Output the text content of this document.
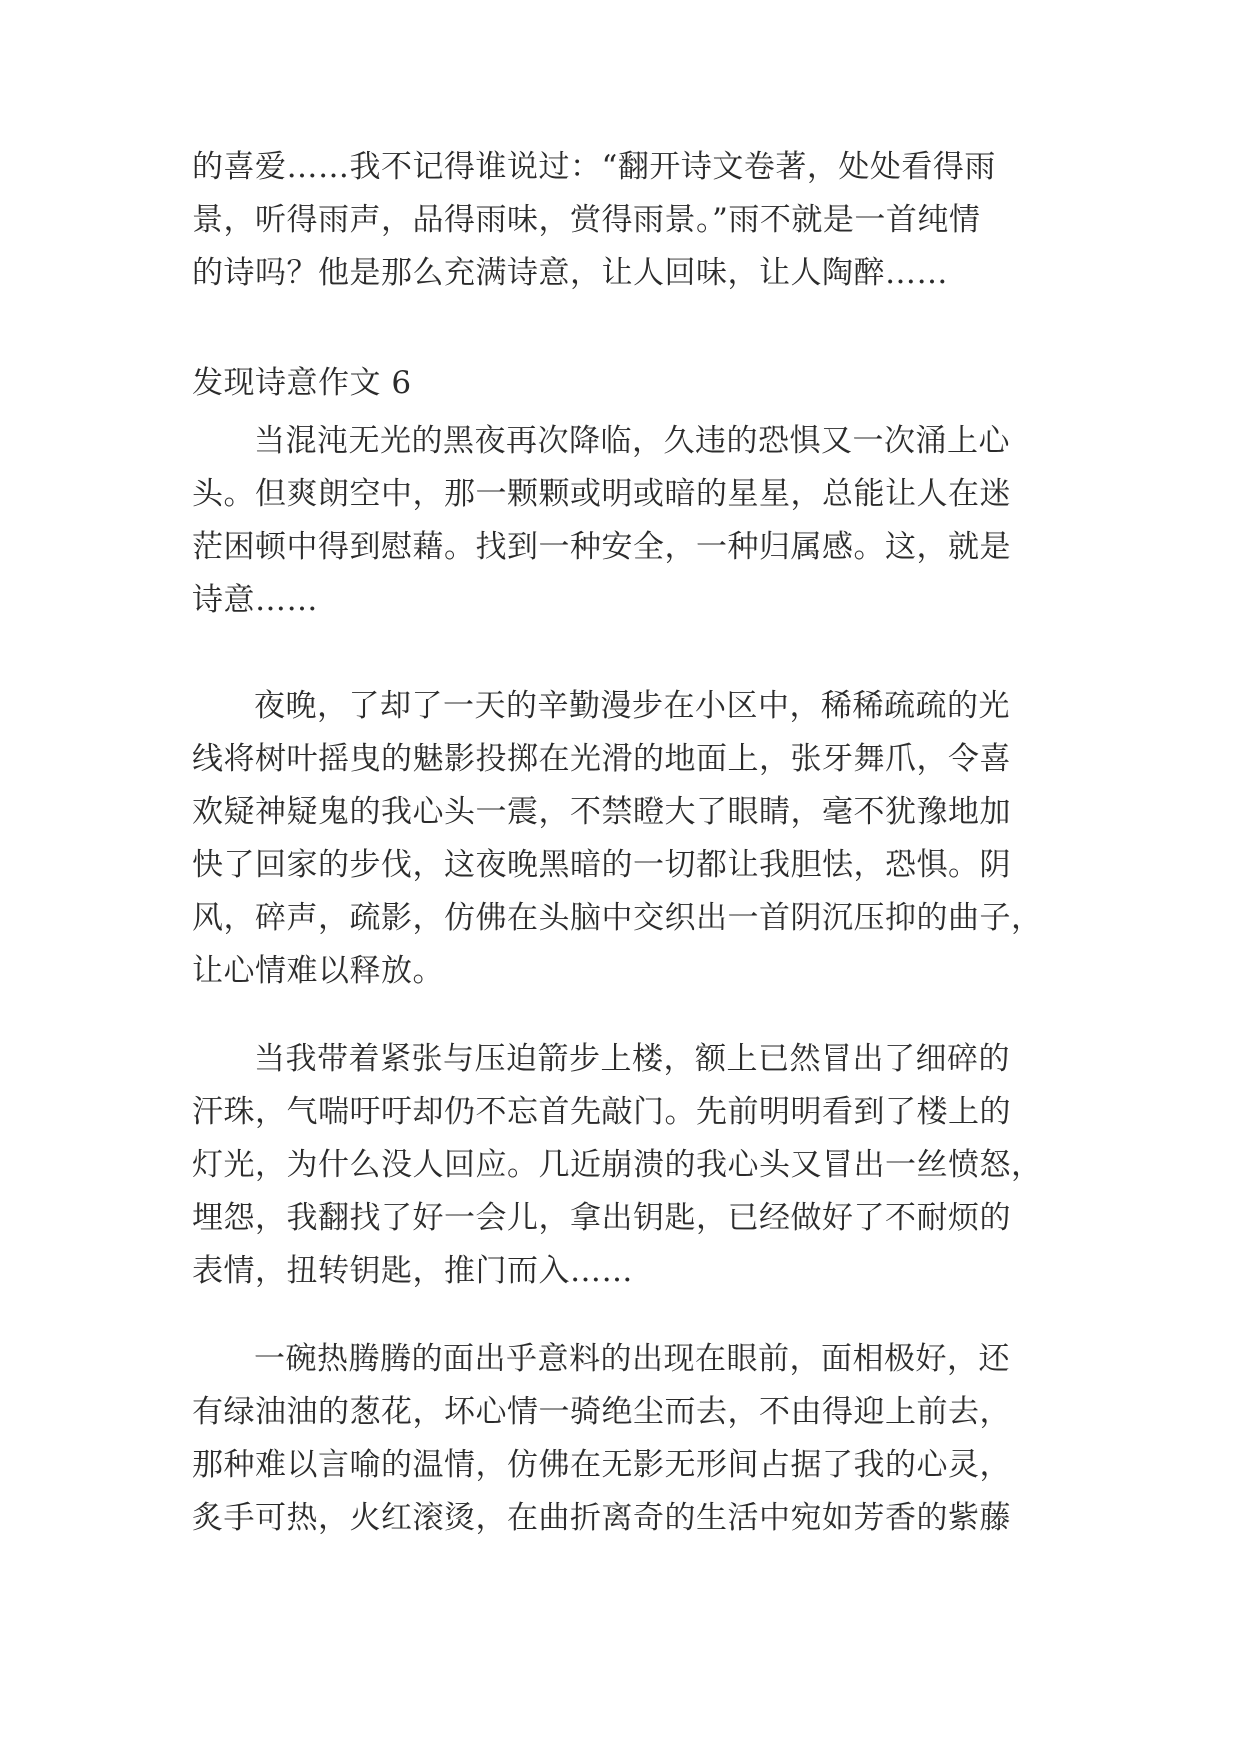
的喜爱……我不记得谁说过：“翻开诗文卷著，处处看得雨
景，听得雨声，品得雨味，赏得雨景。”雨不就是一首纯情
的诗吗？他是那么充满诗意，让人回味，让人陶醉……
发现诗意作文 6
当混沌无光的黑夜再次降临，久违的恐惧又一次涌上心
头。但爽朗空中，那一颗颗或明或暗的星星，总能让人在迷
茫困顿中得到慰藉。找到一种安全，一种归属感。这，就是
诗意……
夜晚，了却了一天的辛勤漫步在小区中，稀稀疏疏的光
线将树叶摇曳的魅影投掷在光滑的地面上，张牙舞爪，令喜
欢疑神疑鬼的我心头一震，不禁瞪大了眼睛，毫不犹豫地加
快了回家的步伐，这夜晚黑暗的一切都让我胆怯，恐惧。阴
风，碎声，疏影，仿佛在头脑中交织出一首阴沉压抑的曲子，
让心情难以释放。
当我带着紧张与压迫箭步上楼，额上已然冒出了细碎的
汗珠，气喘吁吁却仍不忘首先敲门。先前明明看到了楼上的
灯光，为什么没人回应。几近崩溃的我心头又冒出一丝愤怒，
埋怨，我翻找了好一会儿，拿出钥匙，已经做好了不耐烦的
表情，扭转钥匙，推门而入……
一碗热腾腾的面出乎意料的出现在眼前，面相极好，还
有绿油油的葱花，坏心情一骑绝尘而去，不由得迎上前去，
那种难以言喻的温情，仿佛在无影无形间占据了我的心灵，
炙手可热，火红滚烫，在曲折离奇的生活中宛如芳香的紫藤
